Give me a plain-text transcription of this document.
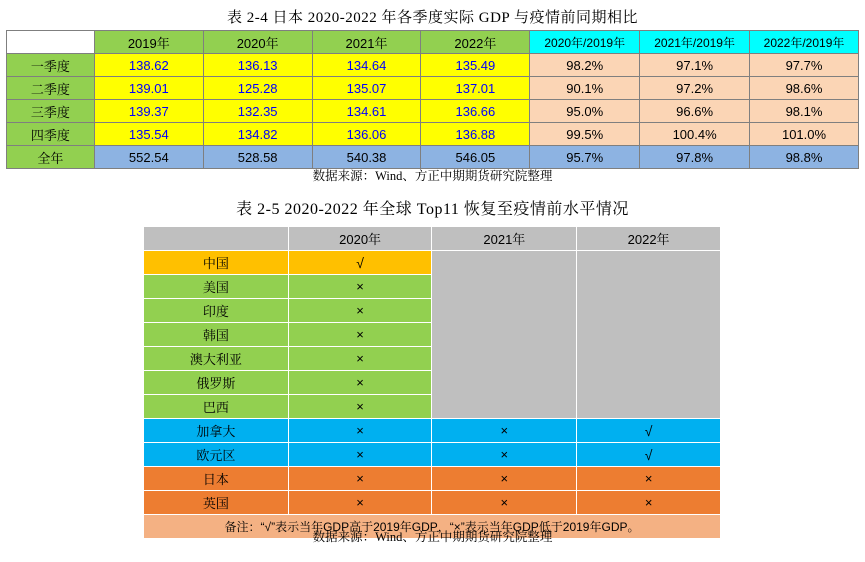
表 2-4 日本 2020-2022 年各季度实际 GDP 与疫情前同期相比
	2019年	2020年	2021年	2022年	2020年/2019年	2021年/2019年	2022年/2019年
一季度	138.62	136.13	134.64	135.49	98.2%	97.1%	97.7%
二季度	139.01	125.28	135.07	137.01	90.1%	97.2%	98.6%
三季度	139.37	132.35	134.61	136.66	95.0%	96.6%	98.1%
四季度	135.54	134.82	136.06	136.88	99.5%	100.4%	101.0%
全年	552.54	528.58	540.38	546.05	95.7%	97.8%	98.8%
数据来源：Wind、方正中期期货研究院整理
表 2-5 2020-2022 年全球 Top11 恢复至疫情前水平情况
	2020年	2021年	2022年
中国	√		
美国	×		
印度	×		
韩国	×		
澳大利亚	×		
俄罗斯	×		
巴西	×		
加拿大	×	×	√
欧元区	×	×	√
日本	×	×	×
英国	×	×	×
备注：“√”表示当年GDP高于2019年GDP，“×”表示当年GDP低于2019年GDP。			
数据来源：Wind、方正中期期货研究院整理
